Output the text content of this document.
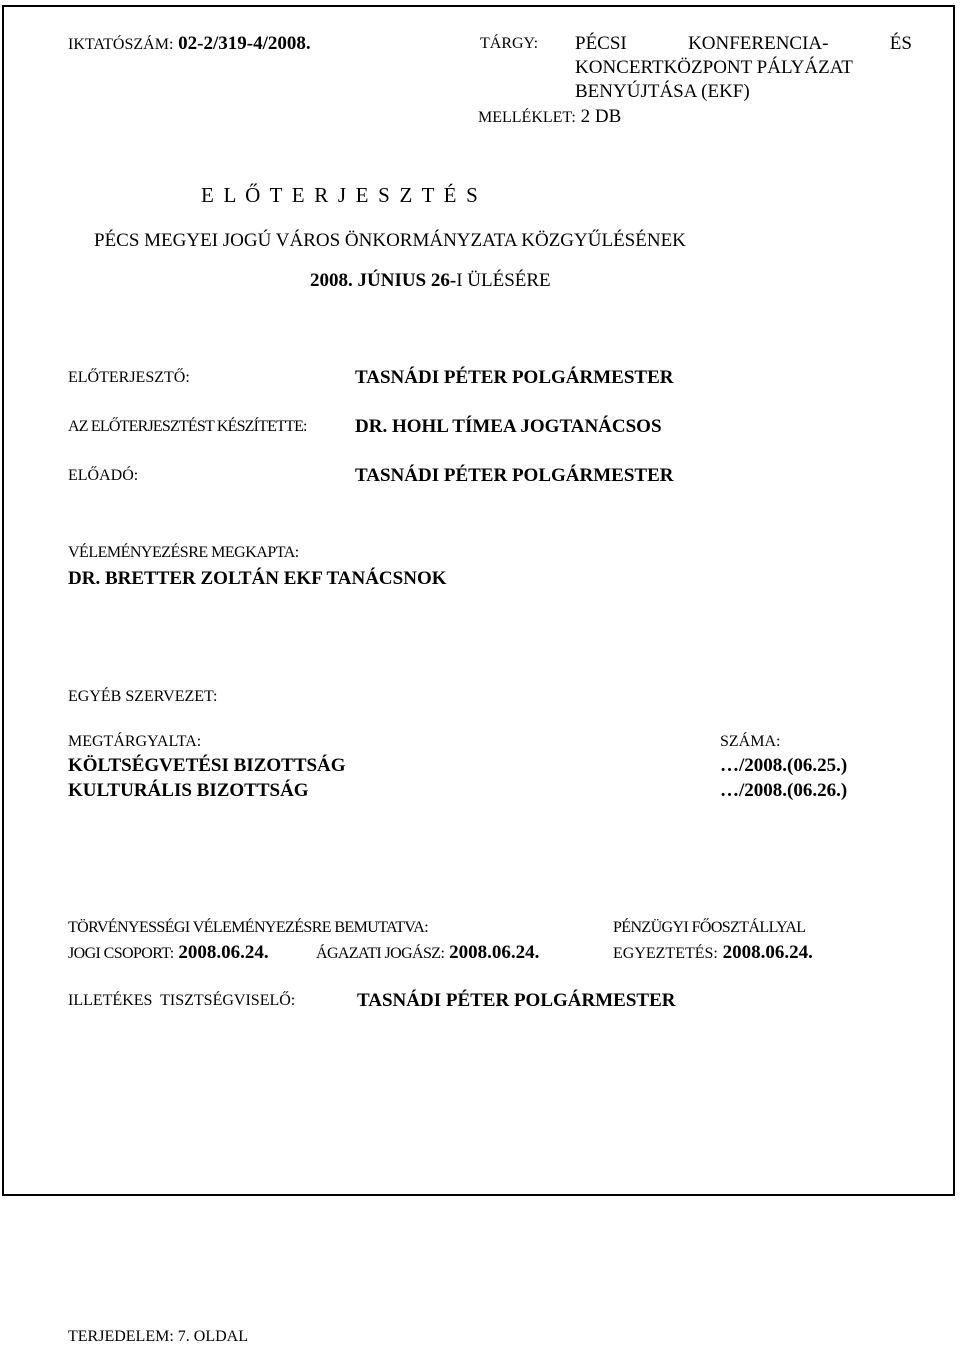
IKTATÓSZÁM: 02-2/319-4/2008.	TÁRGY: PÉCSI	KONFERENCIA-	ÉS
KONCERTKÖZPONT PÁLYÁZAT
BENYÚJTÁSA (EKF)
MELLÉKLET: 2 DB
E L Ő T E R J E S Z T É S
PÉCS MEGYEI JOGÚ VÁROS ÖNKORMÁNYZATA KÖZGYŰLÉSÉNEK
2008. JÚNIUS 26-I ÜLÉSÉRE
ELŐTERJESZTŐ:	TASNÁDI PÉTER POLGÁRMESTER
AZ ELŐTERJESZTÉST KÉSZÍTETTE:	DR. HOHL TÍMEA JOGTANÁCSOS
ELŐADÓ:	TASNÁDI PÉTER POLGÁRMESTER
VÉLEMÉNYEZÉSRE MEGKAPTA:
DR. BRETTER ZOLTÁN EKF TANÁCSNOK
EGYÉB SZERVEZET:
MEGTÁRGYALTA:	SZÁMA:
KÖLTSÉGVETÉSI BIZOTTSÁG	…/2008.(06.25.)
KULTURÁLIS BIZOTTSÁG	…/2008.(06.26.)
TÖRVÉNYESSÉGI VÉLEMÉNYEZÉSRE BEMUTATVA:	PÉNZÜGYI FŐOSZTÁLLYAL
JOGI CSOPORT: 2008.06.24.	ÁGAZATI JOGÁSZ: 2008.06.24.	EGYEZTETÉS: 2008.06.24.
ILLETÉKES  TISZTSÉGVISELŐ:	TASNÁDI PÉTER POLGÁRMESTER
TERJEDELEM: 7. OLDAL
